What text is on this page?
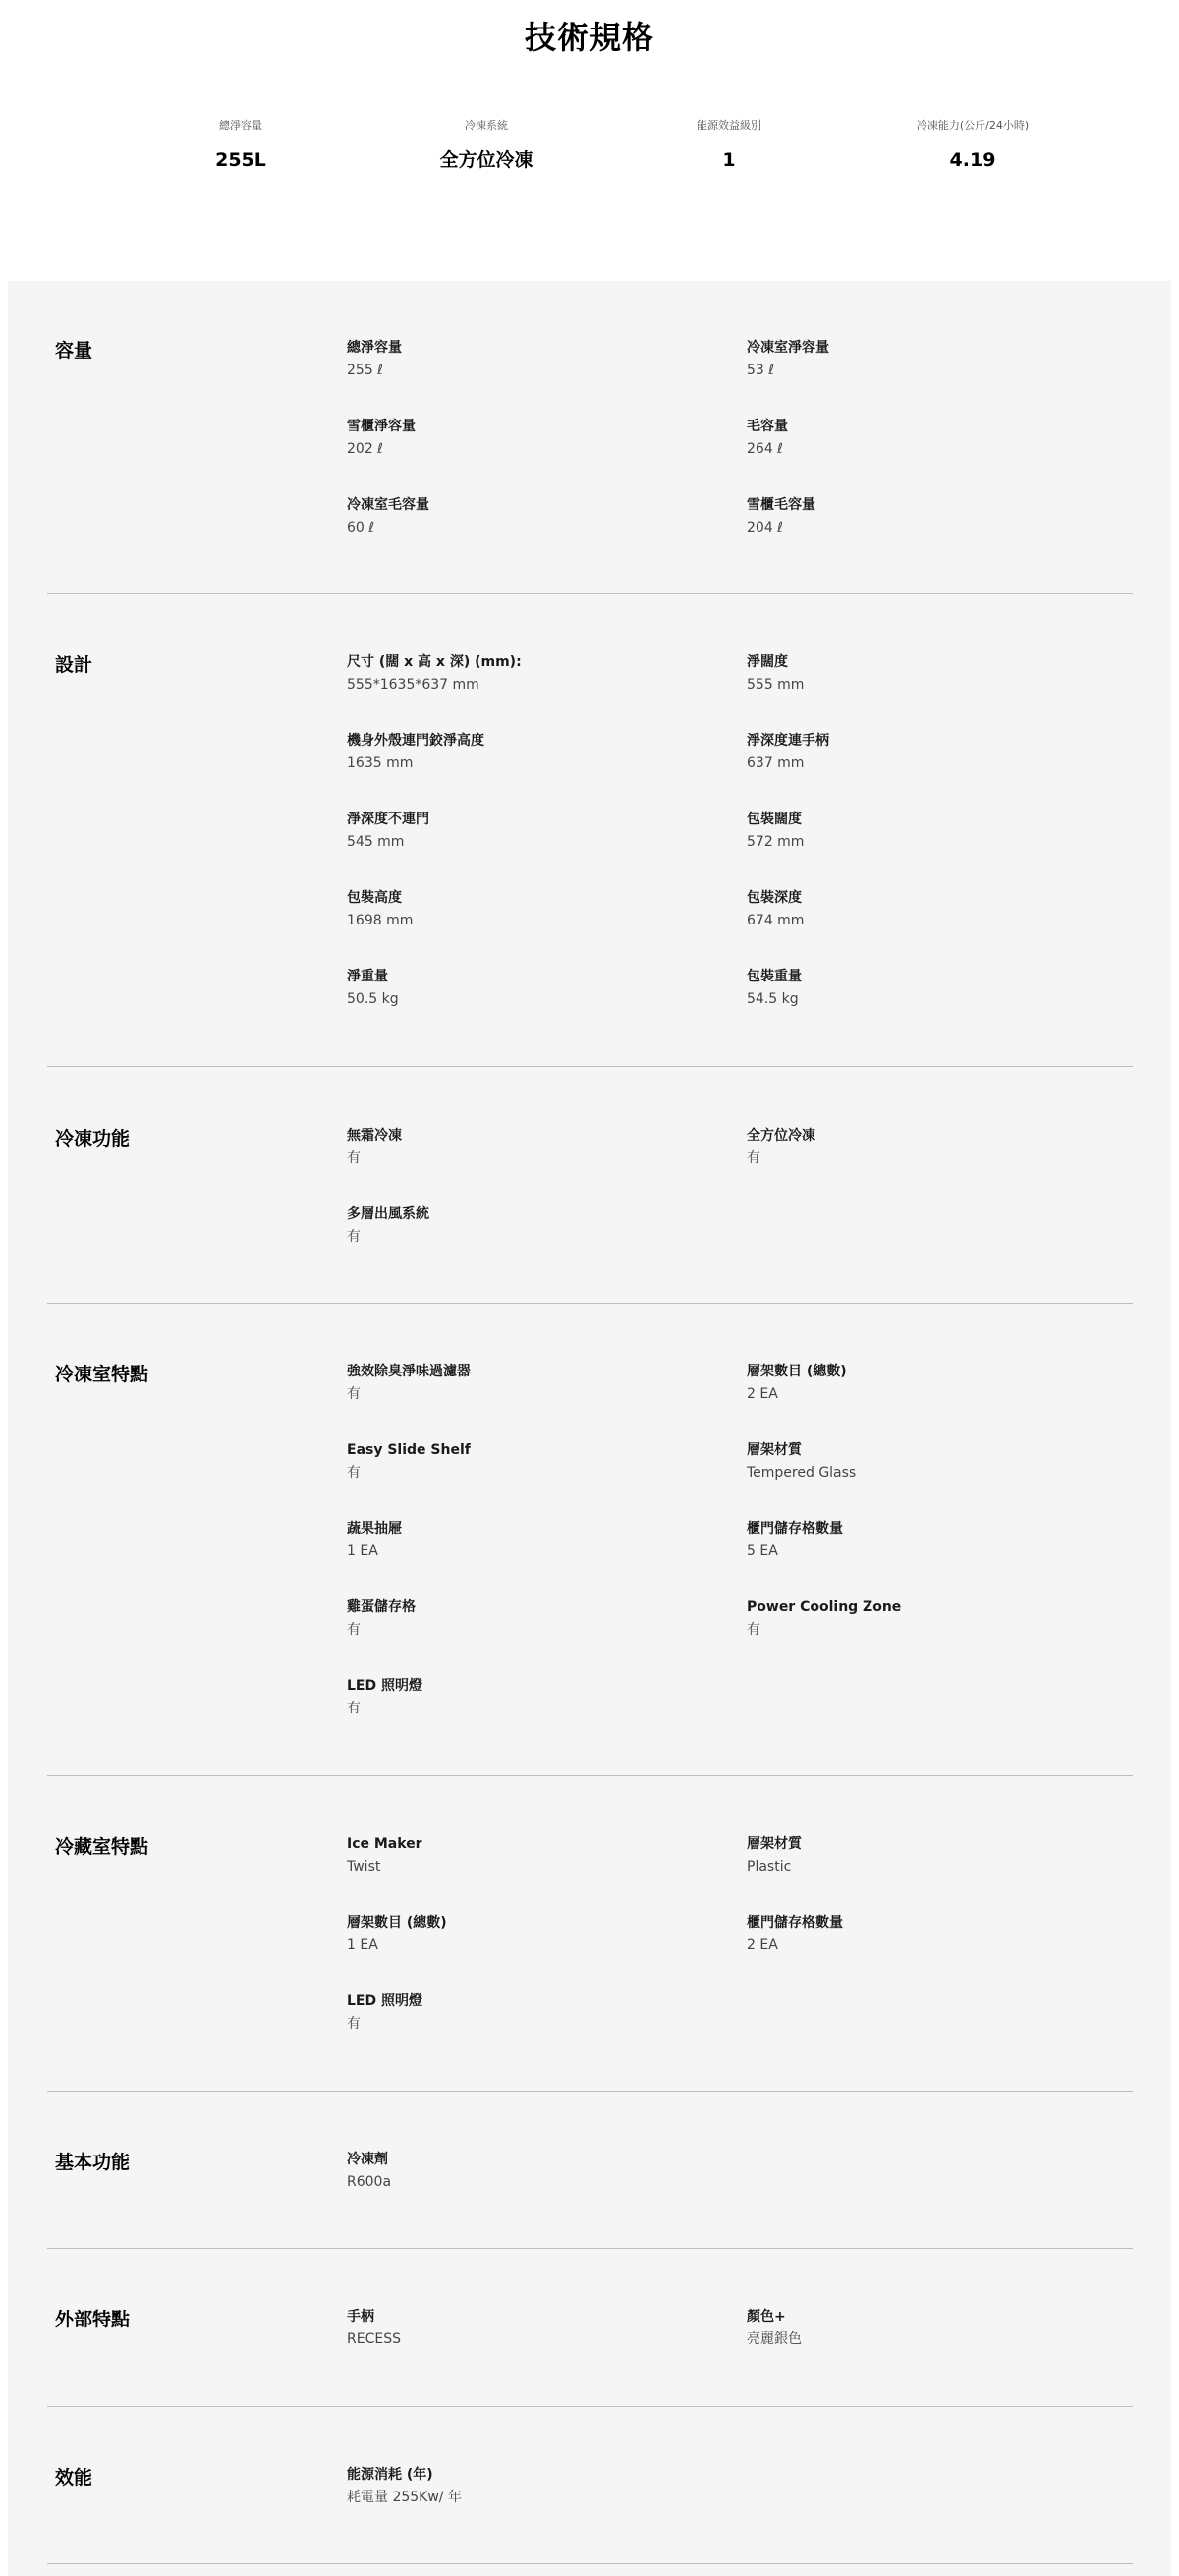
技術規格
總淨容量
255L
冷凍系統
全方位冷凍
能源效益級別
1
冷凍能力(公斤/24小時)
4.19
容量	總淨容量
255 ℓ
冷凍室淨容量
53 ℓ
雪櫃淨容量
202 ℓ
毛容量
264 ℓ
冷凍室毛容量
60 ℓ
雪櫃毛容量
204 ℓ
設計	尺寸 (闊 x 高 x 深) (mm):
555*1635*637 mm
淨闊度
555 mm
機身外殼連門鉸淨高度
1635 mm
淨深度連手柄
637 mm
淨深度不連門
545 mm
包裝闊度
572 mm
包裝高度
1698 mm
包裝深度
674 mm
淨重量
50.5 kg
包裝重量
54.5 kg
冷凍功能	無霜冷凍
有
全方位冷凍
有
多層出風系統
有
冷凍室特點	強效除臭淨味過濾器
有
層架數目 (總數)
2 EA
Easy Slide Shelf
有
層架材質
Tempered Glass
蔬果抽屜
1 EA
櫃門儲存格數量
5 EA
雞蛋儲存格
有
Power Cooling Zone
有
LED 照明燈
有
冷藏室特點	Ice Maker
Twist
層架材質
Plastic
層架數目 (總數)
1 EA
櫃門儲存格數量
2 EA
LED 照明燈
有
基本功能	冷凍劑
R600a
外部特點	手柄
RECESS
顏色+
亮麗銀色
效能	能源消耗 (年)
耗電量 255Kw/ 年
